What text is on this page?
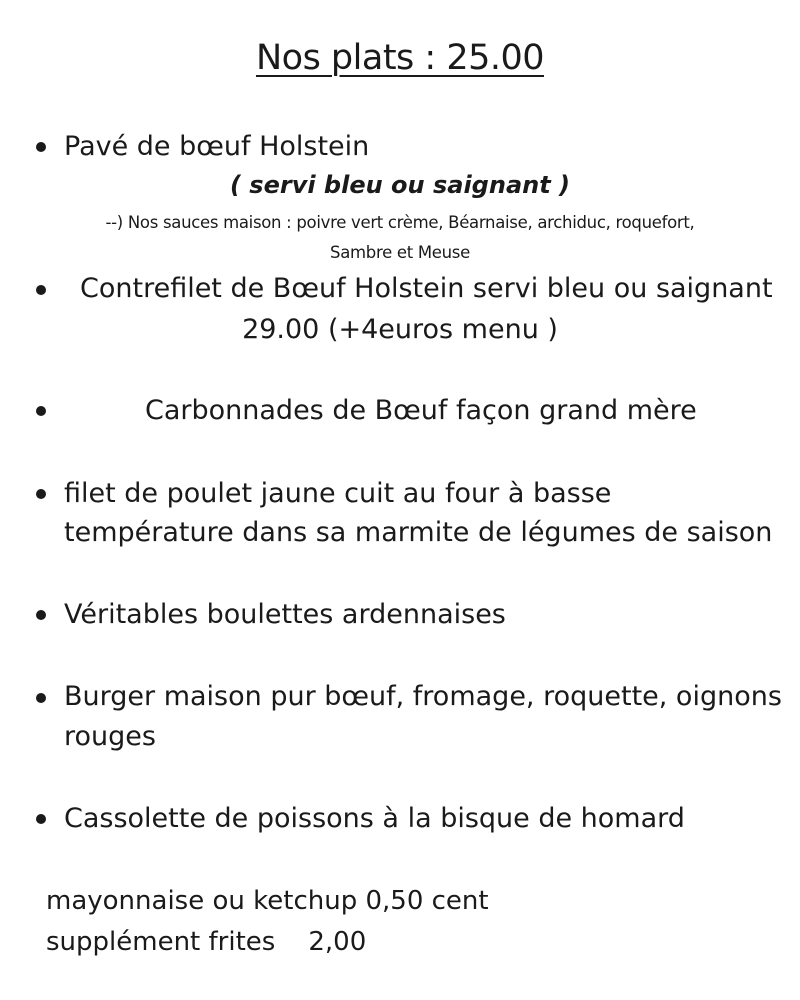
Nos plats : 25.00
Pavé de bœuf Holstein
( servi bleu ou saignant )
--) Nos sauces maison : poivre vert crème, Béarnaise, archiduc, roquefort,
Sambre et Meuse
Contrefilet de Bœuf Holstein servi bleu ou saignant
29.00 (+4euros menu )
Carbonnades de Bœuf façon grand mère
filet de poulet jaune cuit au four à basse
température dans sa marmite de légumes de saison
Véritables boulettes ardennaises
Burger maison pur bœuf, fromage, roquette, oignons
rouges
Cassolette de poissons à la bisque de homard
mayonnaise ou ketchup 0,50 cent
supplément frites    2,00
